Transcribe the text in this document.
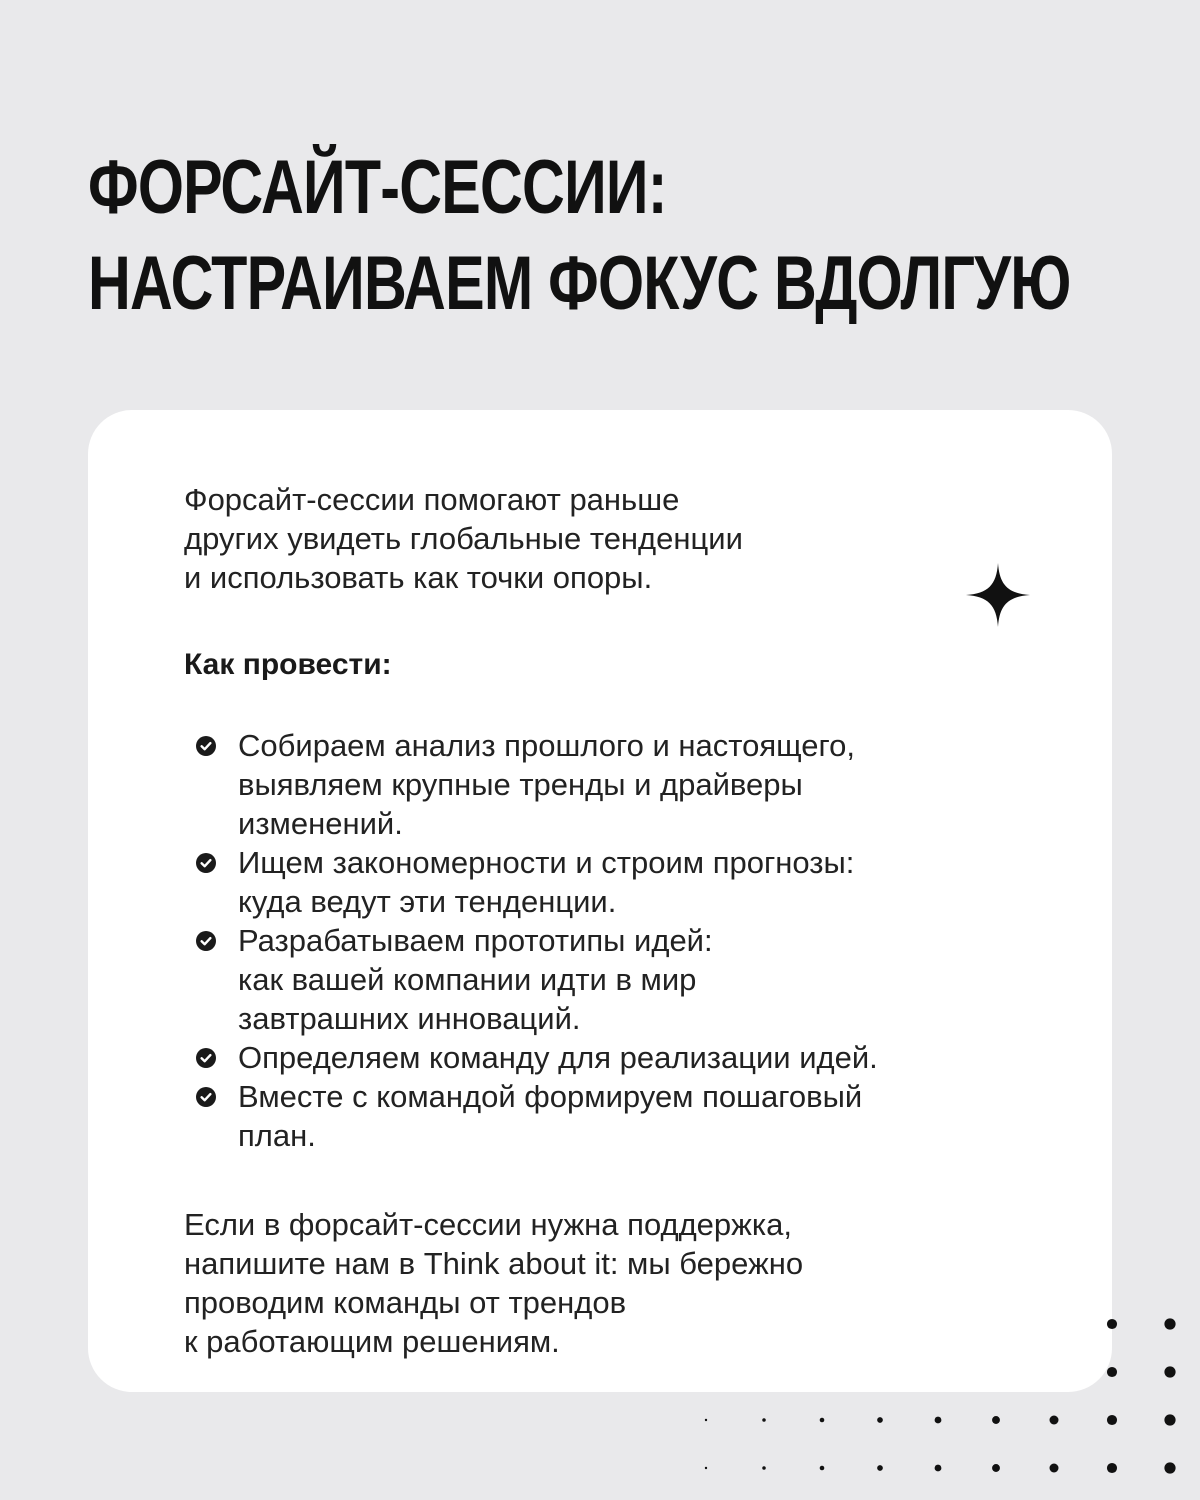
ФОРСАЙТ-СЕССИИ:
НАСТРАИВАЕМ ФОКУС ВДОЛГУЮ
Форсайт-сессии помогают раньше
других увидеть глобальные тенденции
и использовать как точки опоры.
Как провести:
Собираем анализ прошлого и настоящего,
выявляем крупные тренды и драйверы
изменений.
Ищем закономерности и строим прогнозы:
куда ведут эти тенденции.
Разрабатываем прототипы идей:
как вашей компании идти в мир
завтрашних инноваций.
Определяем команду для реализации идей.
Вместе с командой формируем пошаговый
план.
Если в форсайт-сессии нужна поддержка,
напишите нам в Think about it: мы бережно
проводим команды от трендов
к работающим решениям.
